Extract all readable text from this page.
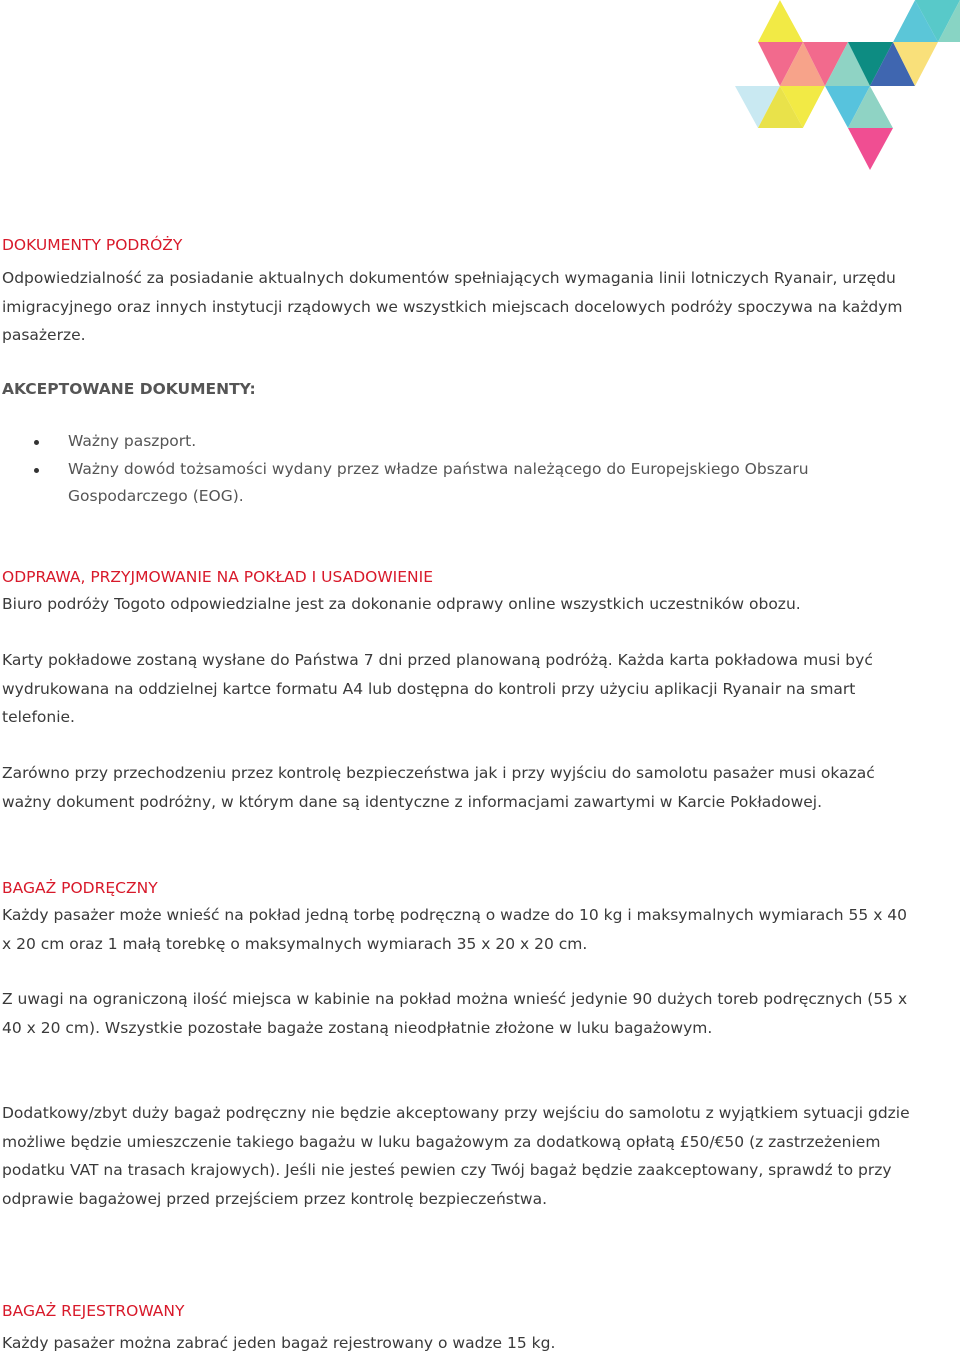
DOKUMENTY PODRÓŻY

Odpowiedzialność za posiadanie aktualnych dokumentów spełniających wymagania linii lotniczych Ryanair, urzędu imigracyjnego oraz innych instytucji rządowych we wszystkich miejscach docelowych podróży spoczywa na każdym pasażerze.

AKCEPTOWANE DOKUMENTY:
Ważny paszport.
Ważny dowód tożsamości wydany przez władze państwa należącego do Europejskiego Obszaru Gospodarczego (EOG).
ODPRAWA, PRZYJMOWANIE NA POKŁAD I USADOWIENIE

Biuro podróży Togoto odpowiedzialne jest za dokonanie odprawy online wszystkich uczestników obozu.

Karty pokładowe zostaną wysłane do Państwa 7 dni przed planowaną podróżą. Każda karta pokładowa musi być wydrukowana na oddzielnej kartce formatu A4 lub dostępna do kontroli przy użyciu aplikacji Ryanair na smart telefonie.

Zarówno przy przechodzeniu przez kontrolę bezpieczeństwa jak i przy wyjściu do samolotu pasażer musi okazać ważny dokument podróżny, w którym dane są identyczne z informacjami zawartymi w Karcie Pokładowej.

BAGAŻ PODRĘCZNY

Każdy pasażer może wnieść na pokład jedną torbę podręczną o wadze do 10 kg i maksymalnych wymiarach 55 x 40 x 20 cm oraz 1 małą torebkę o maksymalnych wymiarach 35 x 20 x 20 cm.

Z uwagi na ograniczoną ilość miejsca w kabinie na pokład można wnieść jedynie 90 dużych toreb podręcznych (55 x 40 x 20 cm). Wszystkie pozostałe bagaże zostaną nieodpłatnie złożone w luku bagażowym.

Dodatkowy/zbyt duży bagaż podręczny nie będzie akceptowany przy wejściu do samolotu z wyjątkiem sytuacji gdzie możliwe będzie umieszczenie takiego bagażu w luku bagażowym za dodatkową opłatą £50/€50 (z zastrzeżeniem podatku VAT na trasach krajowych). Jeśli nie jesteś pewien czy Twój bagaż będzie zaakceptowany, sprawdź to przy odprawie bagażowej przed przejściem przez kontrolę bezpieczeństwa.

BAGAŻ REJESTROWANY

Każdy pasażer można zabrać jeden bagaż rejestrowany o wadze 15 kg.
